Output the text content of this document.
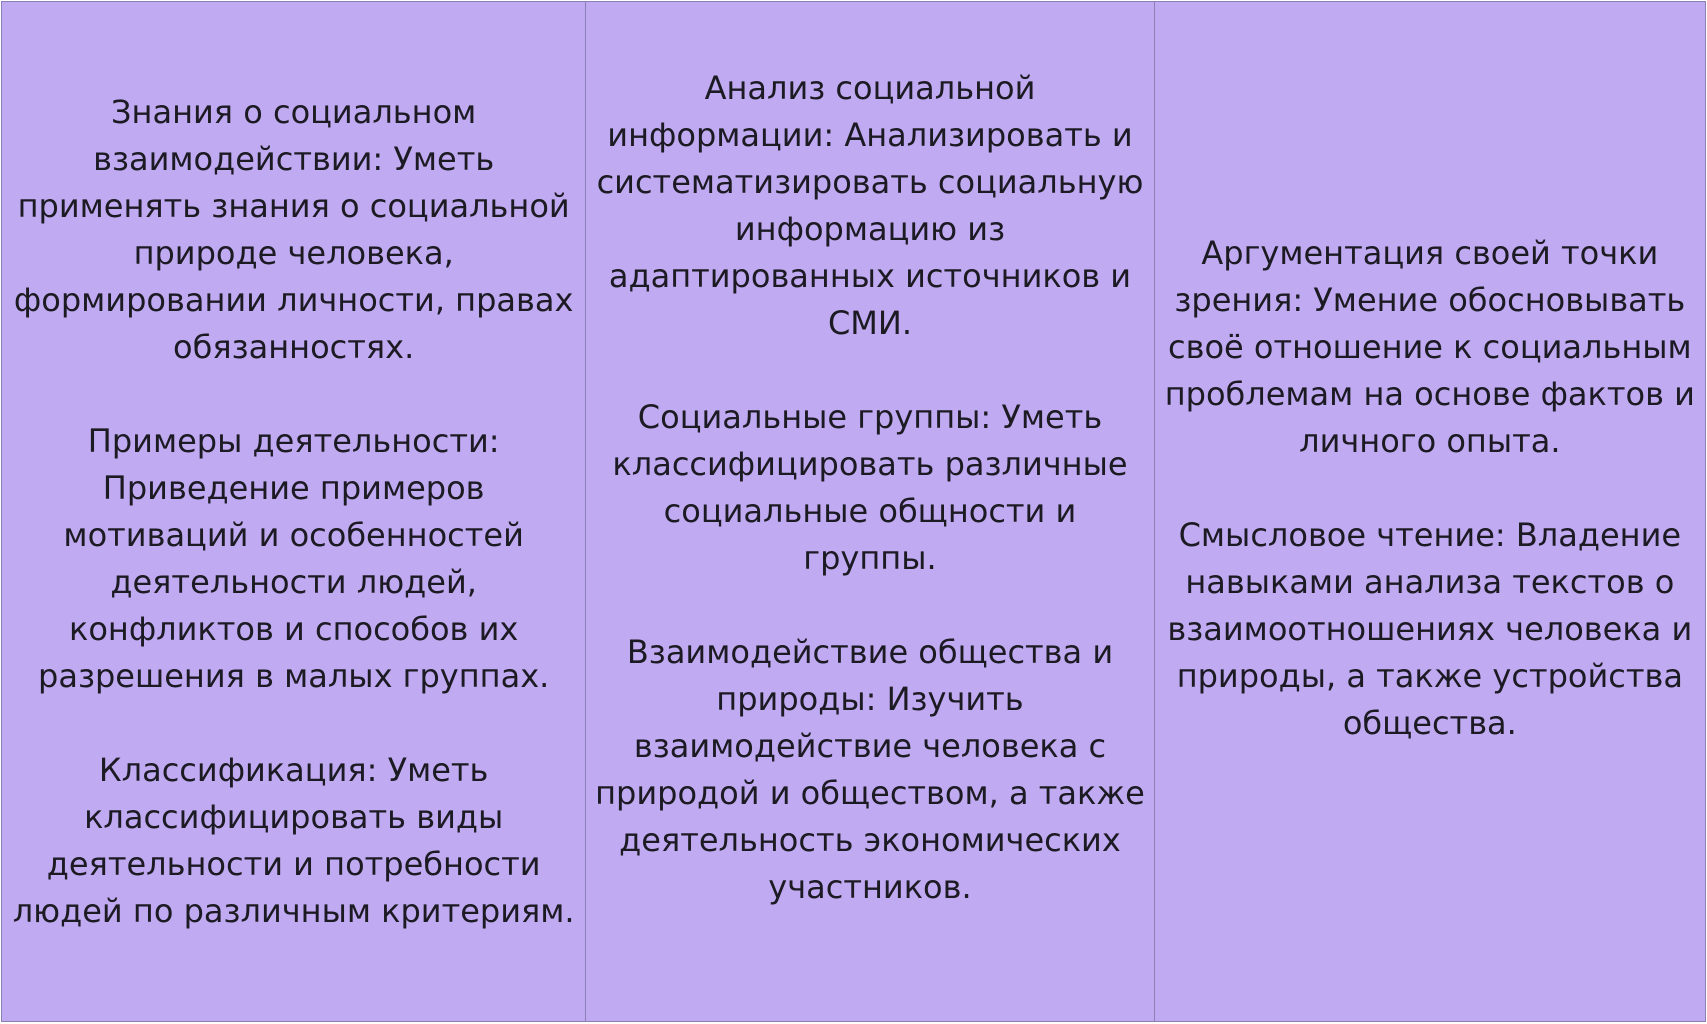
Знания о социальном взаимодействии: Уметь применять знания о социальной природе человека, формировании личности, правах обязанностях.
Примеры деятельности: Приведение примеров мотиваций и особенностей деятельности людей, конфликтов и способов их разрешения в малых группах.
Классификация: Уметь классифицировать виды деятельности и потребности людей по различным критериям.
Анализ социальной информации: Анализировать и систематизировать социальную информацию из адаптированных источников и СМИ.
Социальные группы: Уметь классифицировать различные социальные общности и группы.
Взаимодействие общества и природы: Изучить взаимодействие человека с природой и обществом, а также деятельность экономических участников.
Аргументация своей точки зрения: Умение обосновывать своё отношение к социальным проблемам на основе фактов и личного опыта.
Смысловое чтение: Владение навыками анализа текстов о взаимоотношениях человека и природы, а также устройства общества.
